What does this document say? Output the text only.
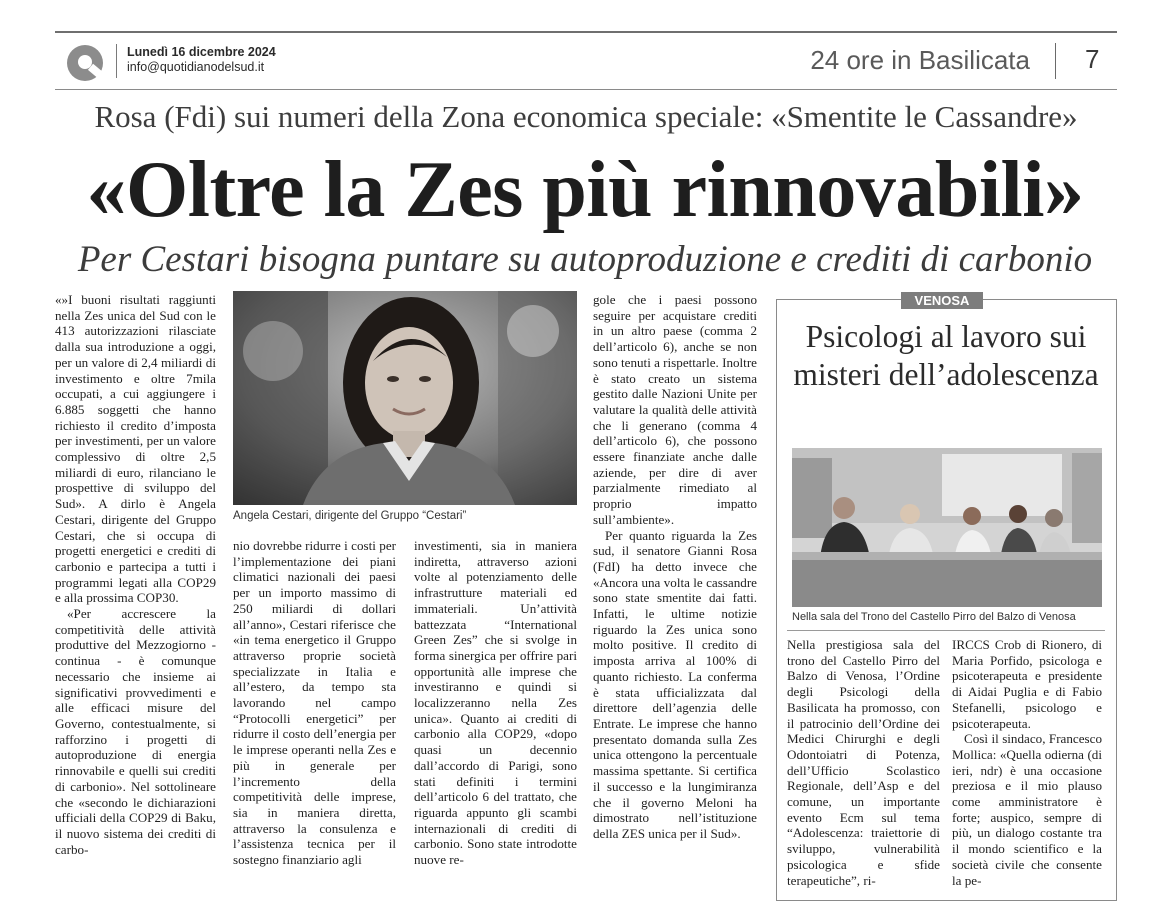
Lunedì 16 dicembre 2024
info@quotidianodelsud.it	24 ore in Basilicata 7
Rosa (Fdi) sui numeri della Zona economica speciale: «Smentite le Cassandre»
«Oltre la Zes più rinnovabili»
Per Cestari bisogna puntare su autoproduzione e crediti di carbonio

«»I buoni risultati raggiunti nella Zes unica del Sud con le 413 autorizzazioni rilasciate dalla sua introduzione a oggi, per un valore di 2,4 miliardi di investimento e oltre 7mila occupati, a cui aggiungere i 6.885 soggetti che hanno richiesto il credito d’imposta per investimenti, per un valore complessivo di oltre 2,5 miliardi di euro, rilanciano le prospettive di sviluppo del Sud». A dirlo è Angela Cestari, dirigente del Gruppo Cestari, che si occupa di progetti energetici e crediti di carbonio e partecipa a tutti i programmi legati alla COP29 e alla prossima COP30.

«Per accrescere la competitività delle attività produttive del Mezzogiorno - continua - è comunque necessario che insieme ai significativi provvedimenti e alle efficaci misure del Governo, contestualmente, si rafforzino i progetti di autoproduzione di energia rinnovabile e quelli sui crediti di carbonio». Nel sottolineare che «secondo le dichiarazioni ufficiali della COP29 di Baku, il nuovo sistema dei crediti di carbo-

Angela Cestari, dirigente del Gruppo “Cestari”

nio dovrebbe ridurre i costi per l’implementazione dei piani climatici nazionali dei paesi per un importo massimo di 250 miliardi di dollari all’anno», Cestari riferisce che «in tema energetico il Gruppo attraverso proprie società specializzate in Italia e all’estero, da tempo sta lavorando nel campo “Protocolli energetici” per ridurre il costo dell’energia per le imprese operanti nella Zes e più in generale per l’incremento della competitività delle imprese, sia in maniera diretta, attraverso la consulenza e l’assistenza tecnica per il sostegno finanziario agli

investimenti, sia in maniera indiretta, attraverso azioni volte al potenziamento delle infrastrutture materiali ed immateriali. Un’attività battezzata “International Green Zes” che si svolge in forma sinergica per offrire pari opportunità alle imprese che investiranno e quindi si localizzeranno nella Zes unica». Quanto ai crediti di carbonio alla COP29, «dopo quasi un decennio dall’accordo di Parigi, sono stati definiti i termini dell’articolo 6 del trattato, che riguarda appunto gli scambi internazionali di crediti di carbonio. Sono state introdotte nuove re-

gole che i paesi possono seguire per acquistare crediti in un altro paese (comma 2 dell’articolo 6), anche se non sono tenuti a rispettarle. Inoltre è stato creato un sistema gestito dalle Nazioni Unite per valutare la qualità delle attività che li generano (comma 4 dell’articolo 6), che possono essere finanziate anche dalle aziende, per dire di aver parzialmente rimediato al proprio impatto sull’ambiente».

Per quanto riguarda la Zes sud, il senatore Gianni Rosa (FdI) ha detto invece che «Ancora una volta le cassandre sono state smentite dai fatti. Infatti, le ultime notizie riguardo la Zes unica sono molto positive. Il credito di imposta arriva al 100% di quanto richiesto. La conferma è stata ufficializzata dal direttore dell’agenzia delle Entrate. Le imprese che hanno presentato domanda sulla Zes unica ottengono la percentuale massima spettante. Si certifica il successo e la lungimiranza che il governo Meloni ha dimostrato nell’istituzione della ZES unica per il Sud».

VENOSA
Psicologi al lavoro sui misteri dell’adolescenza
Nella sala del Trono del Castello Pirro del Balzo di Venosa

Nella prestigiosa sala del trono del Castello Pirro del Balzo di Venosa, l’Ordine degli Psicologi della Basilicata ha promosso, con il patrocinio dell’Ordine dei Medici Chirurghi e degli Odontoiatri di Potenza, dell’Ufficio Scolastico Regionale, dell’Asp e del comune, un importante evento Ecm sul tema “Adolescenza: traiettorie di sviluppo, vulnerabilità psicologica e sfide terapeutiche”, ri-

IRCCS Crob di Rionero, di Maria Porfido, psicologa e psicoterapeuta e presidente di Aidai Puglia e di Fabio Stefanelli, psicologo e psicoterapeuta.

Così il sindaco, Francesco Mollica: «Quella odierna (di ieri, ndr) è una occasione preziosa e il mio plauso come amministratore è forte; auspico, sempre di più, un dialogo costante tra il mondo scientifico e la società civile che consente la pe-
